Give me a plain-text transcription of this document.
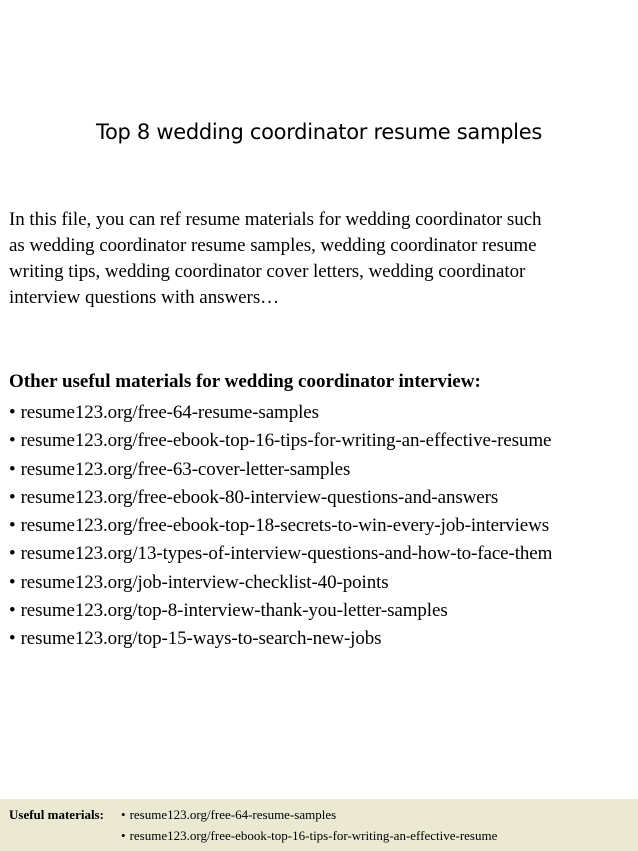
Top 8 wedding coordinator resume samples

In this file, you can ref resume materials for wedding coordinator such
as wedding coordinator resume samples, wedding coordinator resume
writing tips, wedding coordinator cover letters, wedding coordinator
interview questions with answers…

Other useful materials for wedding coordinator interview:
• resume123.org/free-64-resume-samples
• resume123.org/free-ebook-top-16-tips-for-writing-an-effective-resume
• resume123.org/free-63-cover-letter-samples
• resume123.org/free-ebook-80-interview-questions-and-answers
• resume123.org/free-ebook-top-18-secrets-to-win-every-job-interviews
• resume123.org/13-types-of-interview-questions-and-how-to-face-them
• resume123.org/job-interview-checklist-40-points
• resume123.org/top-8-interview-thank-you-letter-samples
• resume123.org/top-15-ways-to-search-new-jobs
Useful materials: • resume123.org/free-64-resume-samples
• resume123.org/free-ebook-top-16-tips-for-writing-an-effective-resume
